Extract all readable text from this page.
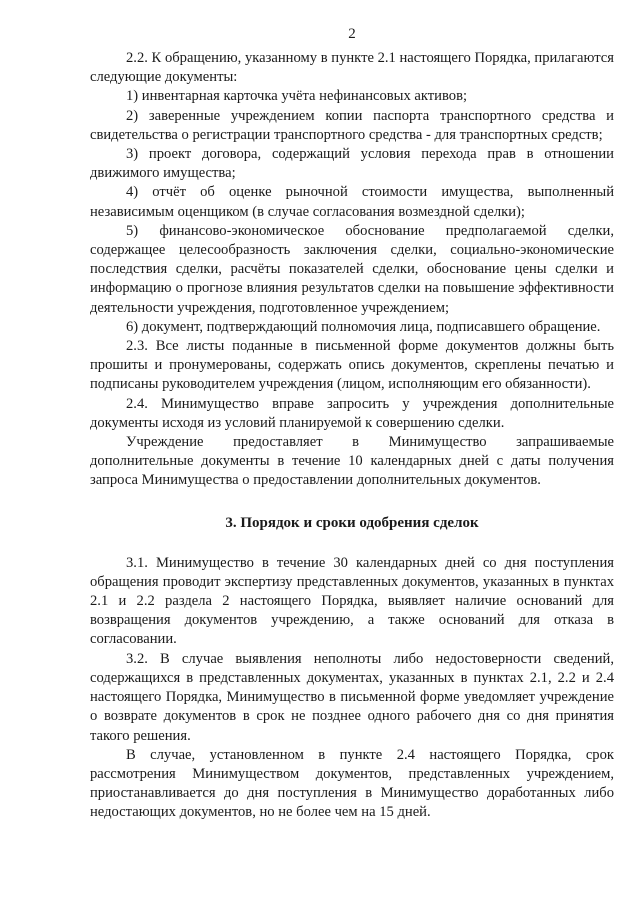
2

2.2. К обращению, указанному в пункте 2.1 настоящего Порядка, прилагаются следующие документы:

1) инвентарная карточка учёта нефинансовых активов;

2) заверенные учреждением копии паспорта транспортного средства и свидетельства о регистрации транспортного средства - для транспортных средств;

3) проект договора, содержащий условия перехода прав в отношении движимого имущества;

4) отчёт об оценке рыночной стоимости имущества, выполненный независимым оценщиком (в случае согласования возмездной сделки);

5) финансово-экономическое обоснование предполагаемой сделки, содержащее целесообразность заключения сделки, социально-экономические последствия сделки, расчёты показателей сделки, обоснование цены сделки и информацию о прогнозе влияния результатов сделки на повышение эффективности деятельности учреждения, подготовленное учреждением;

6) документ, подтверждающий полномочия лица, подписавшего обращение.

2.3. Все листы поданные в письменной форме документов должны быть прошиты и пронумерованы, содержать опись документов, скреплены печатью и подписаны руководителем учреждения (лицом, исполняющим его обязанности).

2.4. Минимущество вправе запросить у учреждения дополнительные документы исходя из условий планируемой к совершению сделки.

Учреждение предоставляет в Минимущество запрашиваемые дополнительные документы в течение 10 календарных дней с даты получения запроса Минимущества о предоставлении дополнительных документов.

3. Порядок и сроки одобрения сделок

3.1. Минимущество в течение 30 календарных дней со дня поступления обращения проводит экспертизу представленных документов, указанных в пунктах 2.1 и 2.2 раздела 2 настоящего Порядка, выявляет наличие оснований для возвращения документов учреждению, а также оснований для отказа в согласовании.

3.2. В случае выявления неполноты либо недостоверности сведений, содержащихся в представленных документах, указанных в пунктах 2.1, 2.2 и 2.4 настоящего Порядка, Минимущество в письменной форме уведомляет учреждение о возврате документов в срок не позднее одного рабочего дня со дня принятия такого решения.

В случае, установленном в пункте 2.4 настоящего Порядка, срок рассмотрения Минимуществом документов, представленных учреждением, приостанавливается до дня поступления в Минимущество доработанных либо недостающих документов, но не более чем на 15 дней.
